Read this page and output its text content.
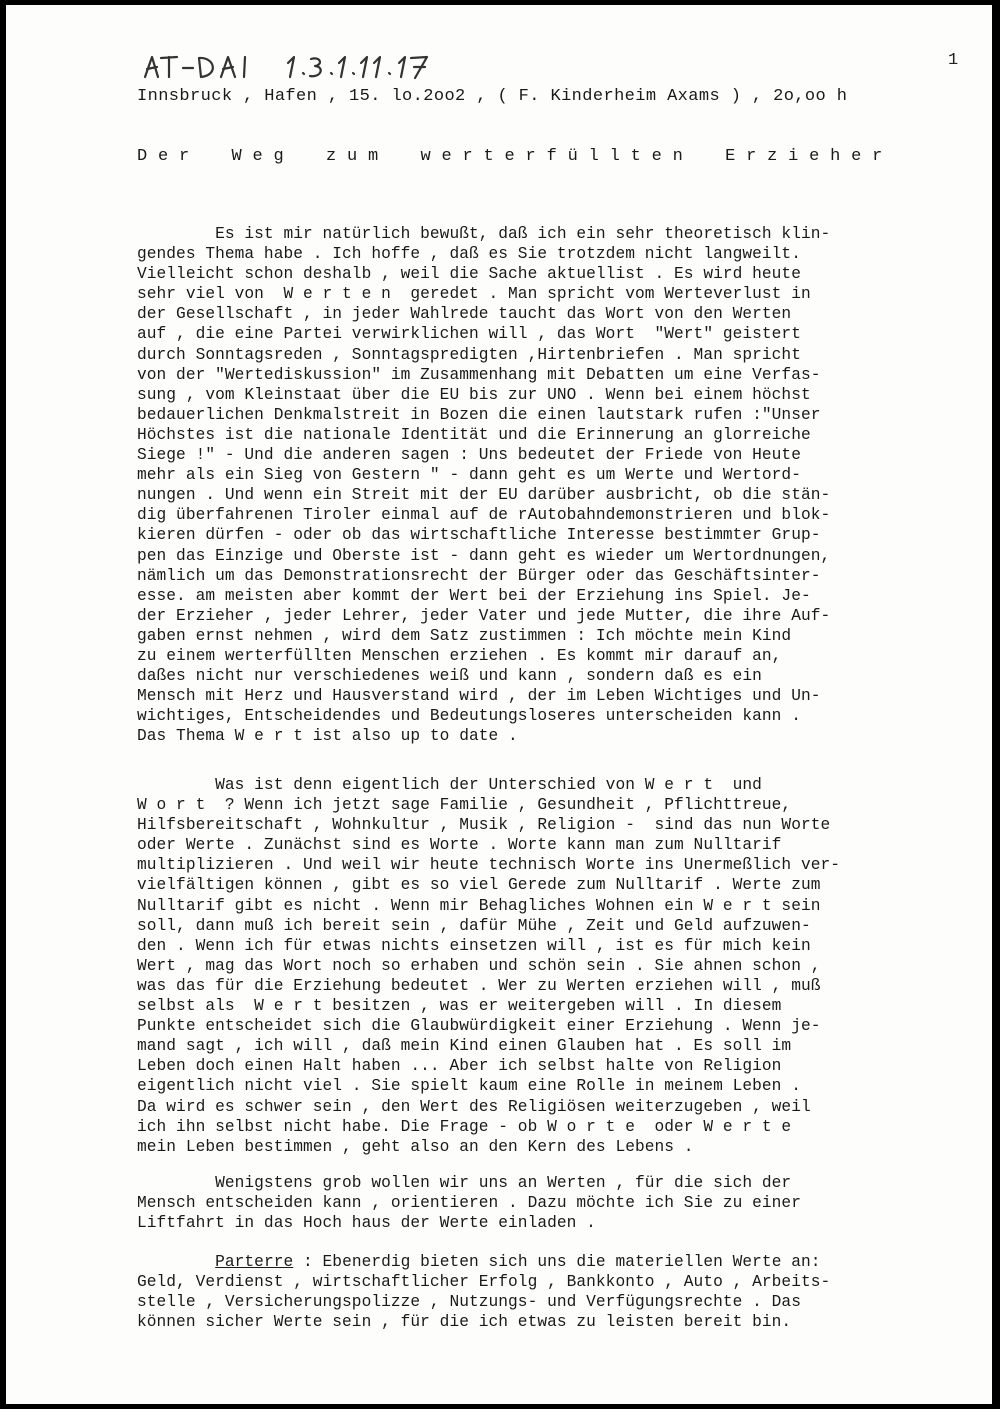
1
Innsbruck , Hafen , 15. lo.2oo2 , ( F. Kinderheim Axams ) , 2o,oo h
D e r    W e g    z u m    w e r t e r f ü l l t e n    E r z i e h e r
Es ist mir natürlich bewußt, daß ich ein sehr theoretisch klin-
gendes Thema habe . Ich hoffe , daß es Sie trotzdem nicht langweilt.
Vielleicht schon deshalb , weil die Sache aktuellist . Es wird heute
sehr viel von  W e r t e n  geredet . Man spricht vom Werteverlust in
der Gesellschaft , in jeder Wahlrede taucht das Wort von den Werten
auf , die eine Partei verwirklichen will , das Wort  "Wert" geistert
durch Sonntagsreden , Sonntagspredigten ,Hirtenbriefen . Man spricht
von der "Wertediskussion" im Zusammenhang mit Debatten um eine Verfas-
sung , vom Kleinstaat über die EU bis zur UNO . Wenn bei einem höchst
bedauerlichen Denkmalstreit in Bozen die einen lautstark rufen :"Unser
Höchstes ist die nationale Identität und die Erinnerung an glorreiche
Siege !" - Und die anderen sagen : Uns bedeutet der Friede von Heute
mehr als ein Sieg von Gestern " - dann geht es um Werte und Wertord-
nungen . Und wenn ein Streit mit der EU darüber ausbricht, ob die stän-
dig überfahrenen Tiroler einmal auf de rAutobahndemonstrieren und blok-
kieren dürfen - oder ob das wirtschaftliche Interesse bestimmter Grup-
pen das Einzige und Oberste ist - dann geht es wieder um Wertordnungen,
nämlich um das Demonstrationsrecht der Bürger oder das Geschäftsinter-
esse. am meisten aber kommt der Wert bei der Erziehung ins Spiel. Je-
der Erzieher , jeder Lehrer, jeder Vater und jede Mutter, die ihre Auf-
gaben ernst nehmen , wird dem Satz zustimmen : Ich möchte mein Kind
zu einem werterfüllten Menschen erziehen . Es kommt mir darauf an,
daßes nicht nur verschiedenes weiß und kann , sondern daß es ein
Mensch mit Herz und Hausverstand wird , der im Leben Wichtiges und Un-
wichtiges, Entscheidendes und Bedeutungsloseres unterscheiden kann .
Das Thema W e r t ist also up to date .
Was ist denn eigentlich der Unterschied von W e r t  und
W o r t  ? Wenn ich jetzt sage Familie , Gesundheit , Pflichttreue,
Hilfsbereitschaft , Wohnkultur , Musik , Religion -  sind das nun Worte
oder Werte . Zunächst sind es Worte . Worte kann man zum Nulltarif
multiplizieren . Und weil wir heute technisch Worte ins Unermeßlich ver-
vielfältigen können , gibt es so viel Gerede zum Nulltarif . Werte zum
Nulltarif gibt es nicht . Wenn mir Behagliches Wohnen ein W e r t sein
soll, dann muß ich bereit sein , dafür Mühe , Zeit und Geld aufzuwen-
den . Wenn ich für etwas nichts einsetzen will , ist es für mich kein
Wert , mag das Wort noch so erhaben und schön sein . Sie ahnen schon ,
was das für die Erziehung bedeutet . Wer zu Werten erziehen will , muß
selbst als  W e r t besitzen , was er weitergeben will . In diesem
Punkte entscheidet sich die Glaubwürdigkeit einer Erziehung . Wenn je-
mand sagt , ich will , daß mein Kind einen Glauben hat . Es soll im
Leben doch einen Halt haben ... Aber ich selbst halte von Religion
eigentlich nicht viel . Sie spielt kaum eine Rolle in meinem Leben .
Da wird es schwer sein , den Wert des Religiösen weiterzugeben , weil
ich ihn selbst nicht habe. Die Frage - ob W o r t e  oder W e r t e
mein Leben bestimmen , geht also an den Kern des Lebens .
Wenigstens grob wollen wir uns an Werten , für die sich der
Mensch entscheiden kann , orientieren . Dazu möchte ich Sie zu einer
Liftfahrt in das Hoch haus der Werte einladen .
Parterre : Ebenerdig bieten sich uns die materiellen Werte an:
Geld, Verdienst , wirtschaftlicher Erfolg , Bankkonto , Auto , Arbeits-
stelle , Versicherungspolizze , Nutzungs- und Verfügungsrechte . Das
können sicher Werte sein , für die ich etwas zu leisten bereit bin.
